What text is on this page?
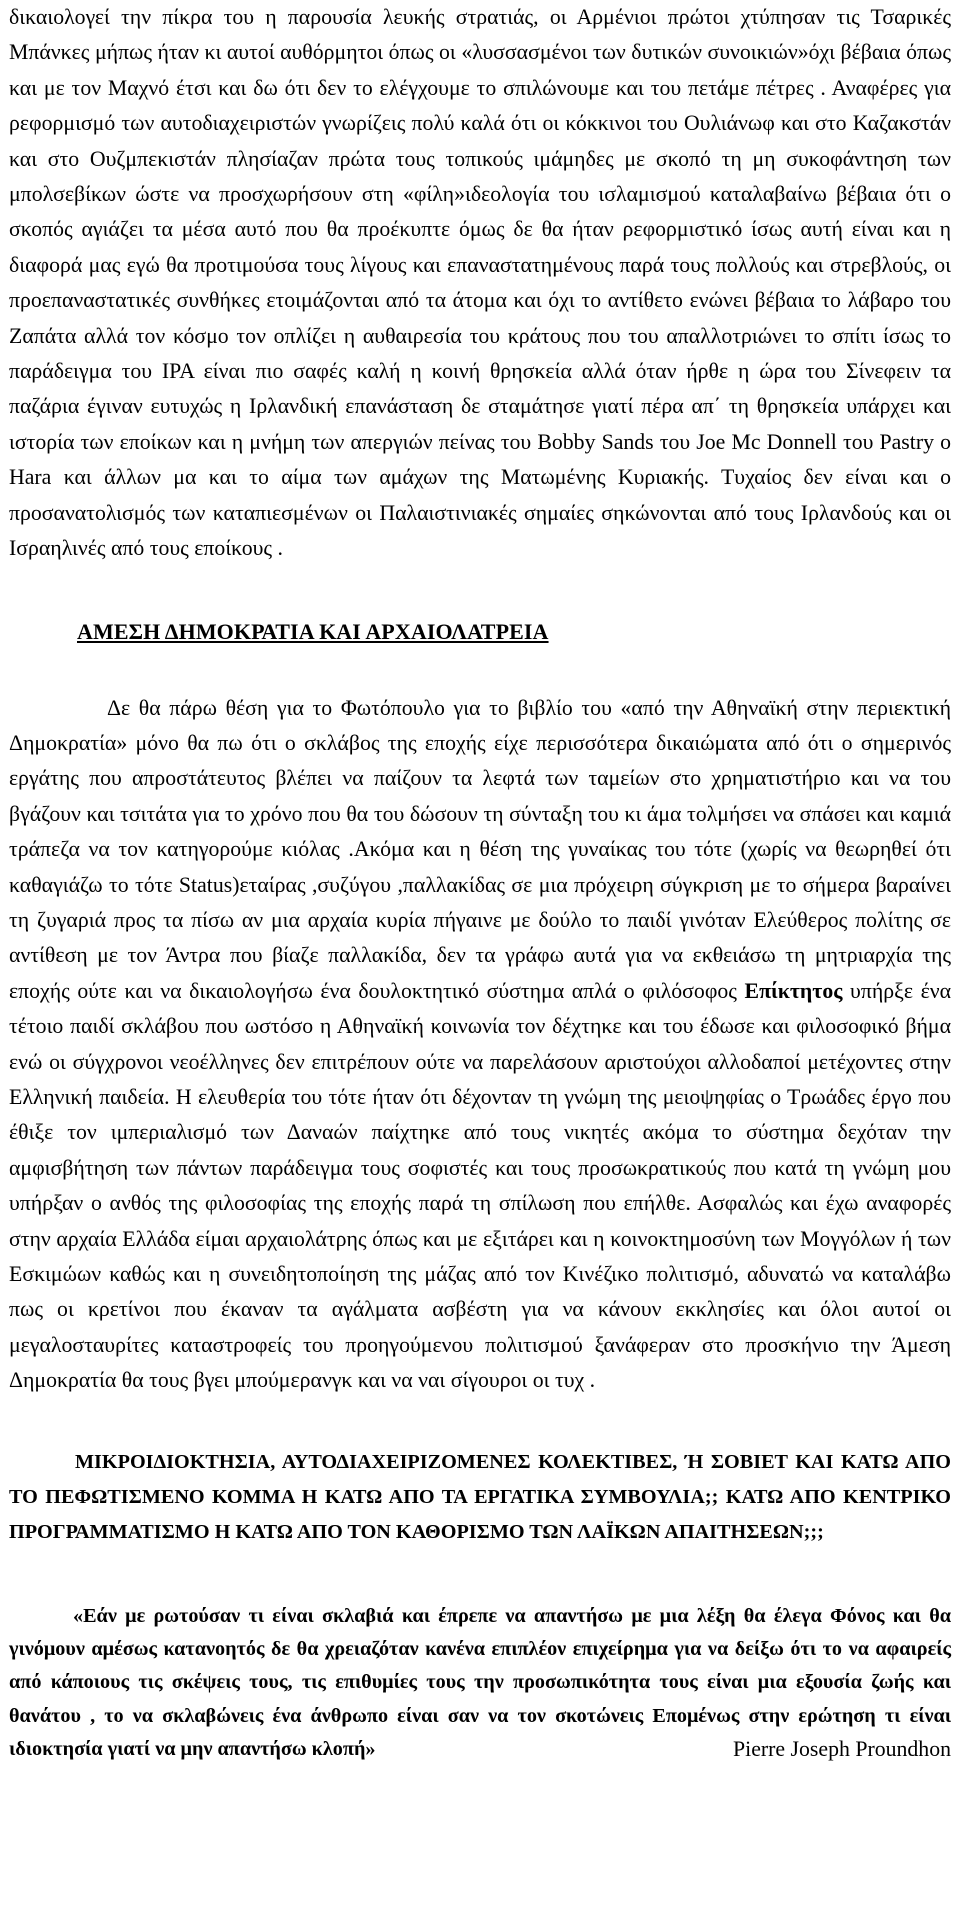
δικαιολογεί την πίκρα του η παρουσία λευκής στρατιάς, οι Αρμένιοι πρώτοι χτύπησαν τις Τσαρικές Μπάνκες μήπως ήταν κι αυτοί αυθόρμητοι όπως οι «λυσσασμένοι των δυτικών συνοικιών»όχι βέβαια όπως και με τον Μαχνό έτσι και δω ότι δεν το ελέγχουμε το σπιλώνουμε και του πετάμε πέτρες . Αναφέρες για ρεφορμισμό των αυτοδιαχειριστών γνωρίζεις πολύ καλά ότι οι κόκκινοι του Ουλιάνωφ και στο Καζακστάν και στο Ουζμπεκιστάν πλησίαζαν πρώτα τους τοπικούς ιμάμηδες με σκοπό τη μη συκοφάντηση των μπολσεβίκων ώστε να προσχωρήσουν στη «φίλη»ιδεολογία του ισλαμισμού καταλαβαίνω βέβαια ότι ο σκοπός αγιάζει τα μέσα αυτό που θα προέκυπτε όμως δε θα ήταν ρεφορμιστικό ίσως αυτή είναι και η διαφορά μας εγώ θα προτιμούσα τους λίγους και επαναστατημένους παρά τους πολλούς και στρεβλούς, οι προεπαναστατικές συνθήκες ετοιμάζονται από τα άτομα και όχι το αντίθετο ενώνει βέβαια το λάβαρο του Ζαπάτα αλλά τον κόσμο τον οπλίζει η αυθαιρεσία του κράτους που του απαλλοτριώνει το σπίτι ίσως το παράδειγμα του IPA είναι πιο σαφές καλή η κοινή θρησκεία αλλά όταν ήρθε η ώρα του Σίνεφειν τα παζάρια έγιναν ευτυχώς η Ιρλανδική επανάσταση δε σταμάτησε γιατί πέρα απ΄ τη θρησκεία υπάρχει και ιστορία των εποίκων και η μνήμη των απεργιών πείνας του Bobby Sands του Joe Mc Donnell του Pastry ο Hara και άλλων μα και το αίμα των αμάχων της Ματωμένης Κυριακής. Τυχαίος δεν είναι και ο προσανατολισμός των καταπιεσμένων οι Παλαιστινιακές σημαίες σηκώνονται από τους Ιρλανδούς και οι Ισραηλινές από τους εποίκους .

ΑΜΕΣΗ ΔΗΜΟΚΡΑΤΙΑ ΚΑΙ ΑΡΧΑΙΟΛΑΤΡΕΙΑ

Δε θα πάρω θέση για το Φωτόπουλο για το βιβλίο του «από την Αθηναϊκή στην περιεκτική Δημοκρατία» μόνο θα πω ότι ο σκλάβος της εποχής είχε περισσότερα δικαιώματα από ότι ο σημερινός εργάτης που απροστάτευτος βλέπει να παίζουν τα λεφτά των ταμείων στο χρηματιστήριο και να του βγάζουν και τσιτάτα για το χρόνο που θα του δώσουν τη σύνταξη του κι άμα τολμήσει να σπάσει και καμιά τράπεζα να τον κατηγορούμε κιόλας .Ακόμα και η θέση της γυναίκας του τότε (χωρίς να θεωρηθεί ότι καθαγιάζω το τότε Status)εταίρας ,συζύγου ,παλλακίδας σε μια πρόχειρη σύγκριση με το σήμερα βαραίνει τη ζυγαριά προς τα πίσω αν μια αρχαία κυρία πήγαινε με δούλο το παιδί γινόταν Ελεύθερος πολίτης σε αντίθεση με τον Άντρα που βίαζε παλλακίδα, δεν τα γράφω αυτά για να εκθειάσω τη μητριαρχία της εποχής ούτε και να δικαιολογήσω ένα δουλοκτητικό σύστημα απλά ο φιλόσοφος Επίκτητος υπήρξε ένα τέτοιο παιδί σκλάβου που ωστόσο η Αθηναϊκή κοινωνία τον δέχτηκε και του έδωσε και φιλοσοφικό βήμα ενώ οι σύγχρονοι νεοέλληνες δεν επιτρέπουν ούτε να παρελάσουν αριστούχοι αλλοδαποί μετέχοντες στην Ελληνική παιδεία. Η ελευθερία του τότε ήταν ότι δέχονταν τη γνώμη της μειοψηφίας ο Τρωάδες έργο που έθιξε τον ιμπεριαλισμό των Δαναών παίχτηκε από τους νικητές ακόμα το σύστημα δεχόταν την αμφισβήτηση των πάντων παράδειγμα τους σοφιστές και τους προσωκρατικούς που κατά τη γνώμη μου υπήρξαν ο ανθός της φιλοσοφίας της εποχής παρά τη σπίλωση που επήλθε. Ασφαλώς και έχω αναφορές στην αρχαία Ελλάδα είμαι αρχαιολάτρης όπως και με εξιτάρει και η κοινοκτημοσύνη των Μογγόλων ή των Εσκιμώων καθώς και η συνειδητοποίηση της μάζας από τον Κινέζικο πολιτισμό, αδυνατώ να καταλάβω πως οι κρετίνοι που έκαναν τα αγάλματα ασβέστη για να κάνουν εκκλησίες και όλοι αυτοί οι μεγαλοσταυρίτες καταστροφείς του προηγούμενου πολιτισμού ξανάφεραν στο προσκήνιο την Άμεση Δημοκρατία θα τους βγει μπούμερανγκ και να ναι σίγουροι οι τυχ .

ΜΙΚΡΟΙΔΙΟΚΤΗΣΙΑ, ΑΥΤΟΔΙΑΧΕΙΡΙΖΟΜΕΝΕΣ ΚΟΛΕΚΤΙΒΕΣ, Ή ΣΟΒΙΕΤ ΚΑΙ ΚΑΤΩ ΑΠΟ ΤΟ ΠΕΦΩΤΙΣΜΕΝΟ ΚΟΜΜΑ Η ΚΑΤΩ ΑΠΟ ΤΑ ΕΡΓΑΤΙΚΑ ΣΥΜΒΟΥΛΙΑ;; ΚΑΤΩ ΑΠΟ ΚΕΝΤΡΙΚΟ ΠΡΟΓΡΑΜΜΑΤΙΣΜΟ Η ΚΑΤΩ ΑΠΟ ΤΟΝ ΚΑΘΟΡΙΣΜΟ ΤΩΝ ΛΑΪΚΩΝ ΑΠΑΙΤΗΣΕΩΝ;;;

«Εάν με ρωτούσαν τι είναι σκλαβιά και έπρεπε να απαντήσω με μια λέξη θα έλεγα Φόνος και θα γινόμουν αμέσως κατανοητός δε θα χρειαζόταν κανένα επιπλέον επιχείρημα για να δείξω ότι το να αφαιρείς από κάποιους τις σκέψεις τους, τις επιθυμίες τους την προσωπικότητα τους είναι μια εξουσία ζωής και θανάτου , το να σκλαβώνεις ένα άνθρωπο είναι σαν να τον σκοτώνεις Επομένως στην ερώτηση τι είναι ιδιοκτησία γιατί να μην απαντήσω κλοπή»	Pierre Joseph Proundhon
